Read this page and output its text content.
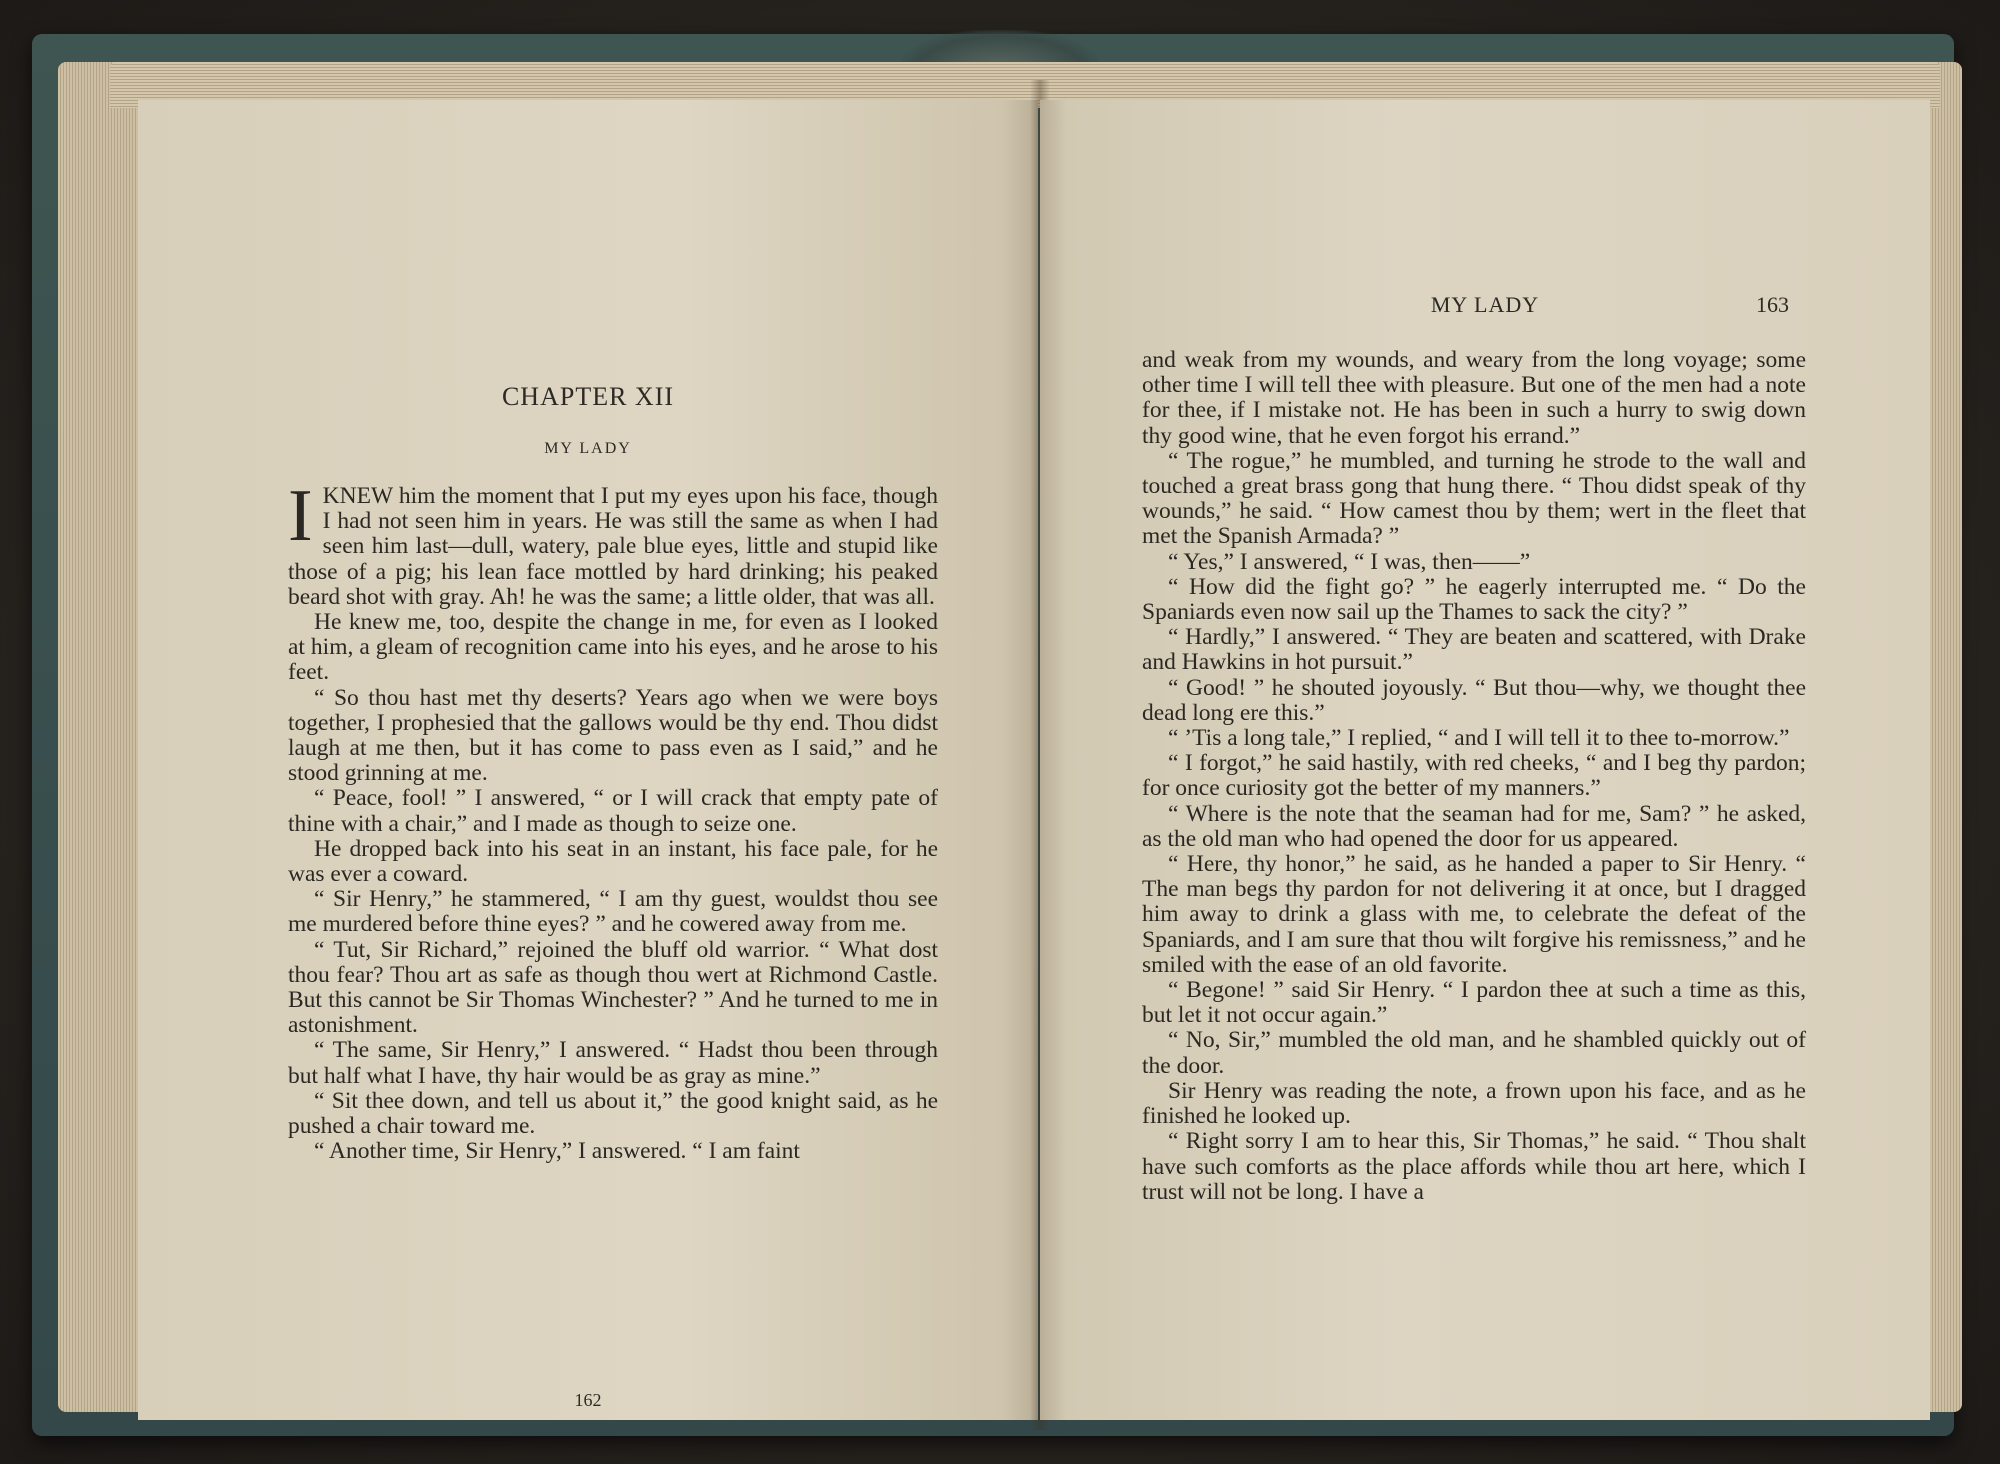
CHAPTER XII
MY LADY

IKNEW him the moment that I put my eyes upon his face, though I had not seen him in years. He was still the same as when I had seen him last—dull, watery, pale blue eyes, little and stupid like those of a pig; his lean face mottled by hard drinking; his peaked beard shot with gray. Ah! he was the same; a little older, that was all.

He knew me, too, despite the change in me, for even as I looked at him, a gleam of recognition came into his eyes, and he arose to his feet.

“ So thou hast met thy deserts? Years ago when we were boys together, I prophesied that the gallows would be thy end. Thou didst laugh at me then, but it has come to pass even as I said,” and he stood grinning at me.

“ Peace, fool! ” I answered, “ or I will crack that empty pate of thine with a chair,” and I made as though to seize one.

He dropped back into his seat in an instant, his face pale, for he was ever a coward.

“ Sir Henry,” he stammered, “ I am thy guest, wouldst thou see me murdered before thine eyes? ” and he cowered away from me.

“ Tut, Sir Richard,” rejoined the bluff old warrior. “ What dost thou fear? Thou art as safe as though thou wert at Richmond Castle. But this cannot be Sir Thomas Winchester? ” And he turned to me in astonishment.

“ The same, Sir Henry,” I answered. “ Hadst thou been through but half what I have, thy hair would be as gray as mine.”

“ Sit thee down, and tell us about it,” the good knight said, as he pushed a chair toward me.

“ Another time, Sir Henry,” I answered. “ I am faint

162
MY LADY	163

and weak from my wounds, and weary from the long voyage; some other time I will tell thee with pleasure. But one of the men had a note for thee, if I mistake not. He has been in such a hurry to swig down thy good wine, that he even forgot his errand.”

“ The rogue,” he mumbled, and turning he strode to the wall and touched a great brass gong that hung there. “ Thou didst speak of thy wounds,” he said. “ How camest thou by them; wert in the fleet that met the Spanish Armada? ”

“ Yes,” I answered, “ I was, then——”

“ How did the fight go? ” he eagerly interrupted me. “ Do the Spaniards even now sail up the Thames to sack the city? ”

“ Hardly,” I answered. “ They are beaten and scattered, with Drake and Hawkins in hot pursuit.”

“ Good! ” he shouted joyously. “ But thou—why, we thought thee dead long ere this.”

“ ’Tis a long tale,” I replied, “ and I will tell it to thee to-morrow.”

“ I forgot,” he said hastily, with red cheeks, “ and I beg thy pardon; for once curiosity got the better of my manners.”

“ Where is the note that the seaman had for me, Sam? ” he asked, as the old man who had opened the door for us appeared.

“ Here, thy honor,” he said, as he handed a paper to Sir Henry. “ The man begs thy pardon for not delivering it at once, but I dragged him away to drink a glass with me, to celebrate the defeat of the Spaniards, and I am sure that thou wilt forgive his remissness,” and he smiled with the ease of an old favorite.

“ Begone! ” said Sir Henry. “ I pardon thee at such a time as this, but let it not occur again.”

“ No, Sir,” mumbled the old man, and he shambled quickly out of the door.

Sir Henry was reading the note, a frown upon his face, and as he finished he looked up.

“ Right sorry I am to hear this, Sir Thomas,” he said. “ Thou shalt have such comforts as the place affords while thou art here, which I trust will not be long. I have a
